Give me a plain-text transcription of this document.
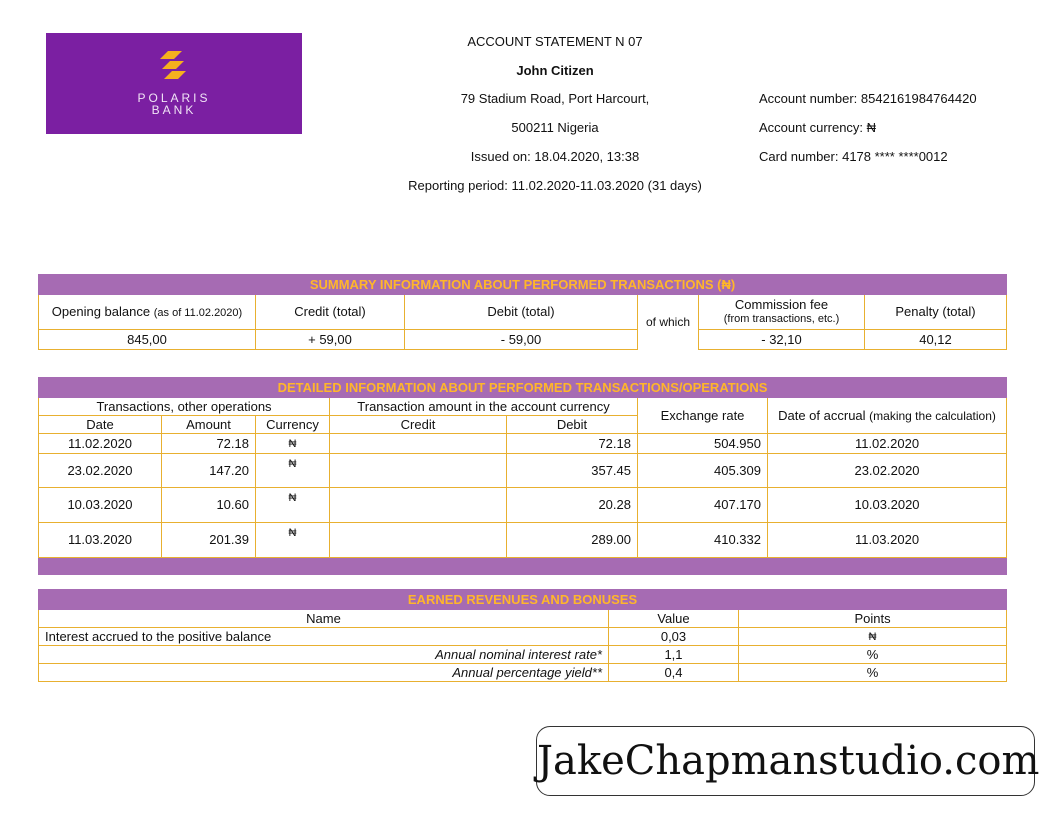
POLARIS
BANK
ACCOUNT STATEMENT N 07
John Citizen
79 Stadium Road, Port Harcourt,
500211 Nigeria
Issued on: 18.04.2020, 13:38
Reporting period: 11.02.2020-11.03.2020 (31 days)
Account number: 8542161984764420
Account currency: ₦
Card number: 4178 **** ****0012
SUMMARY INFORMATION ABOUT PERFORMED TRANSACTIONS (₦)					
Opening balance (as of 11.02.2020)	Credit (total)	Debit (total)	of which	Commission fee
(from transactions, etc.)	Penalty (total)
845,00	+ 59,00	- 59,00		- 32,10	40,12
DETAILED INFORMATION ABOUT PERFORMED TRANSACTIONS/OPERATIONS						
Transactions, other operations			Transaction amount in the account currency		Exchange rate	Date of accrual (making the calculation)
Date	Amount	Currency	Credit	Debit		
11.02.2020	72.18	₦		72.18	504.950	11.02.2020
23.02.2020	147.20	₦		357.45	405.309	23.02.2020
10.03.2020	10.60	₦		20.28	407.170	10.03.2020
11.03.2020	201.39	₦		289.00	410.332	11.03.2020

EARNED REVENUES AND BONUSES		
Name	Value	Points
Interest accrued to the positive balance	0,03	₦
Annual nominal interest rate*	1,1	%
Annual percentage yield**	0,4	%
JakeChapmanstudio.com
